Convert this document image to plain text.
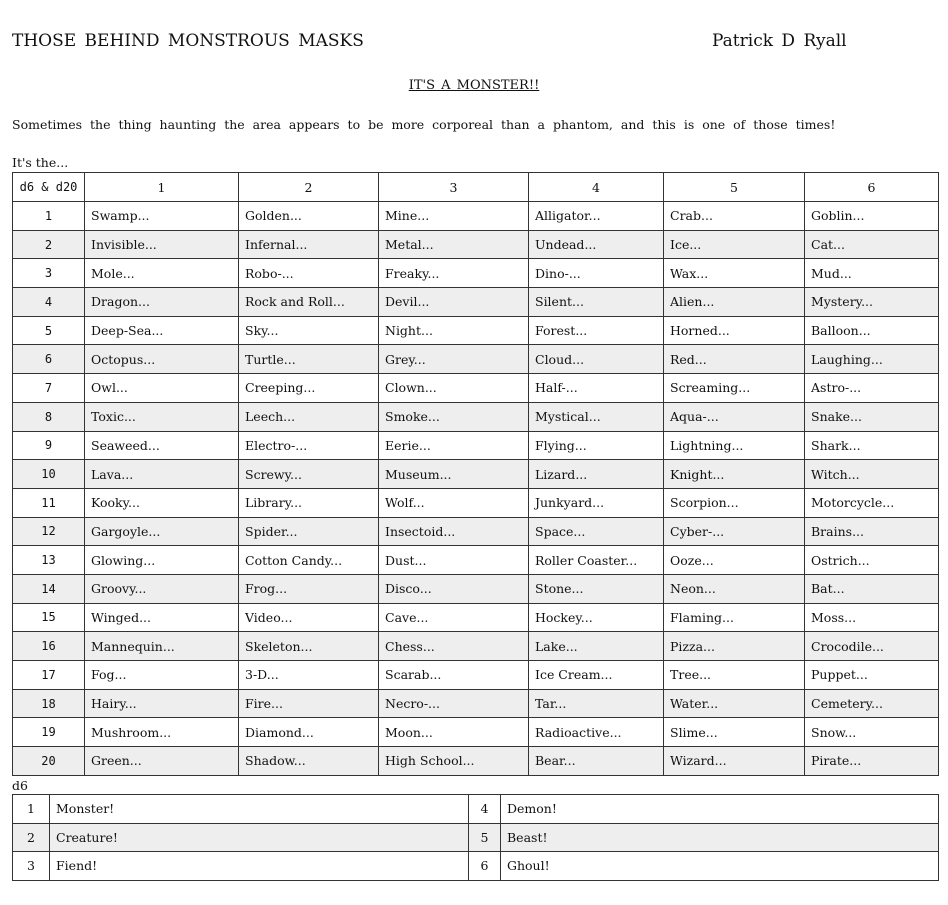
THOSE BEHIND MONSTROUS MASKS	Patrick D Ryall
IT'S A MONSTER!!
Sometimes the thing haunting the area appears to be more corporeal than a phantom, and this is one of those times!
It's the...
d6 & d20	1	2	3	4	5	6
1	Swamp...	Golden...	Mine...	Alligator...	Crab...	Goblin...
2	Invisible...	Infernal...	Metal...	Undead...	Ice...	Cat...
3	Mole...	Robo-...	Freaky...	Dino-...	Wax...	Mud...
4	Dragon...	Rock and Roll...	Devil...	Silent...	Alien...	Mystery...
5	Deep-Sea...	Sky...	Night...	Forest...	Horned...	Balloon...
6	Octopus...	Turtle...	Grey...	Cloud...	Red...	Laughing...
7	Owl...	Creeping...	Clown...	Half-...	Screaming...	Astro-...
8	Toxic...	Leech...	Smoke...	Mystical...	Aqua-...	Snake...
9	Seaweed...	Electro-...	Eerie...	Flying...	Lightning...	Shark...
10	Lava...	Screwy...	Museum...	Lizard...	Knight...	Witch...
11	Kooky...	Library...	Wolf...	Junkyard...	Scorpion...	Motorcycle...
12	Gargoyle...	Spider...	Insectoid...	Space...	Cyber-...	Brains...
13	Glowing...	Cotton Candy...	Dust...	Roller Coaster...	Ooze...	Ostrich...
14	Groovy...	Frog...	Disco...	Stone...	Neon...	Bat...
15	Winged...	Video...	Cave...	Hockey...	Flaming...	Moss...
16	Mannequin...	Skeleton...	Chess...	Lake...	Pizza...	Crocodile...
17	Fog...	3-D...	Scarab...	Ice Cream...	Tree...	Puppet...
18	Hairy...	Fire...	Necro-...	Tar...	Water...	Cemetery...
19	Mushroom...	Diamond...	Moon...	Radioactive...	Slime...	Snow...
20	Green...	Shadow...	High School...	Bear...	Wizard...	Pirate...
d6
1	Monster!	4	Demon!
2	Creature!	5	Beast!
3	Fiend!	6	Ghoul!
